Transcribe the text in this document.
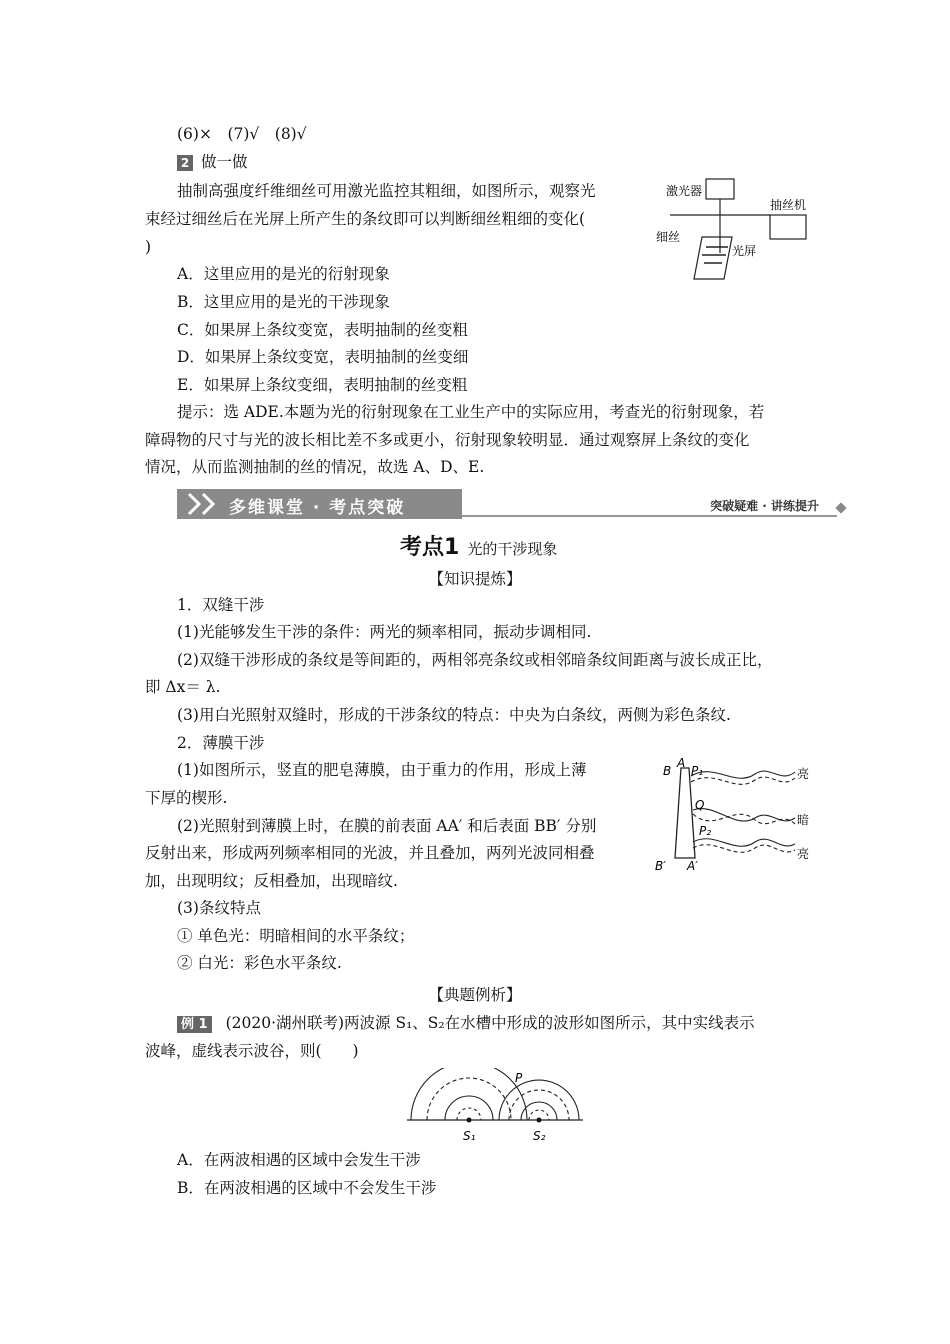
(6)×　(7)√　(8)√
2 做一做
抽制高强度纤维细丝可用激光监控其粗细，如图所示，观察光
束经过细丝后在光屏上所产生的条纹即可以判断细丝粗细的变化(
)
A．这里应用的是光的衍射现象
B．这里应用的是光的干涉现象
C．如果屏上条纹变宽，表明抽制的丝变粗
D．如果屏上条纹变宽，表明抽制的丝变细
E．如果屏上条纹变细，表明抽制的丝变粗
提示：选 ADE.本题为光的衍射现象在工业生产中的实际应用，考查光的衍射现象，若
障碍物的尺寸与光的波长相比差不多或更小，衍射现象较明显．通过观察屏上条纹的变化
情况，从而监测抽制的丝的情况，故选 A、D、E.
激光器
抽丝机
细丝
光屏
多维课堂 · 考点突破	突破疑难 · 讲练提升
考点1 光的干涉现象
【知识提炼】
1．双缝干涉
(1)光能够发生干涉的条件：两光的频率相同，振动步调相同.
(2)双缝干涉形成的条纹是等间距的，两相邻亮条纹或相邻暗条纹间距离与波长成正比，
即 Δx＝ λ.
(3)用白光照射双缝时，形成的干涉条纹的特点：中央为白条纹，两侧为彩色条纹.
2．薄膜干涉
(1)如图所示，竖直的肥皂薄膜，由于重力的作用，形成上薄
下厚的楔形.
(2)光照射到薄膜上时，在膜的前表面 AA′ 和后表面 BB′ 分别
反射出来，形成两列频率相同的光波，并且叠加，两列光波同相叠
加，出现明纹；反相叠加，出现暗纹.
(3)条纹特点
① 单色光：明暗相间的水平条纹；
② 白光：彩色水平条纹.
B
A
P₁
Q
P₂
B′ A′
亮
暗
亮
【典题例析】
例 1 (2020·湖州联考)两波源 S₁、S₂在水槽中形成的波形如图所示，其中实线表示
波峰，虚线表示波谷，则(　　)
P
S₁	S₂
A．在两波相遇的区域中会发生干涉
B．在两波相遇的区域中不会发生干涉
